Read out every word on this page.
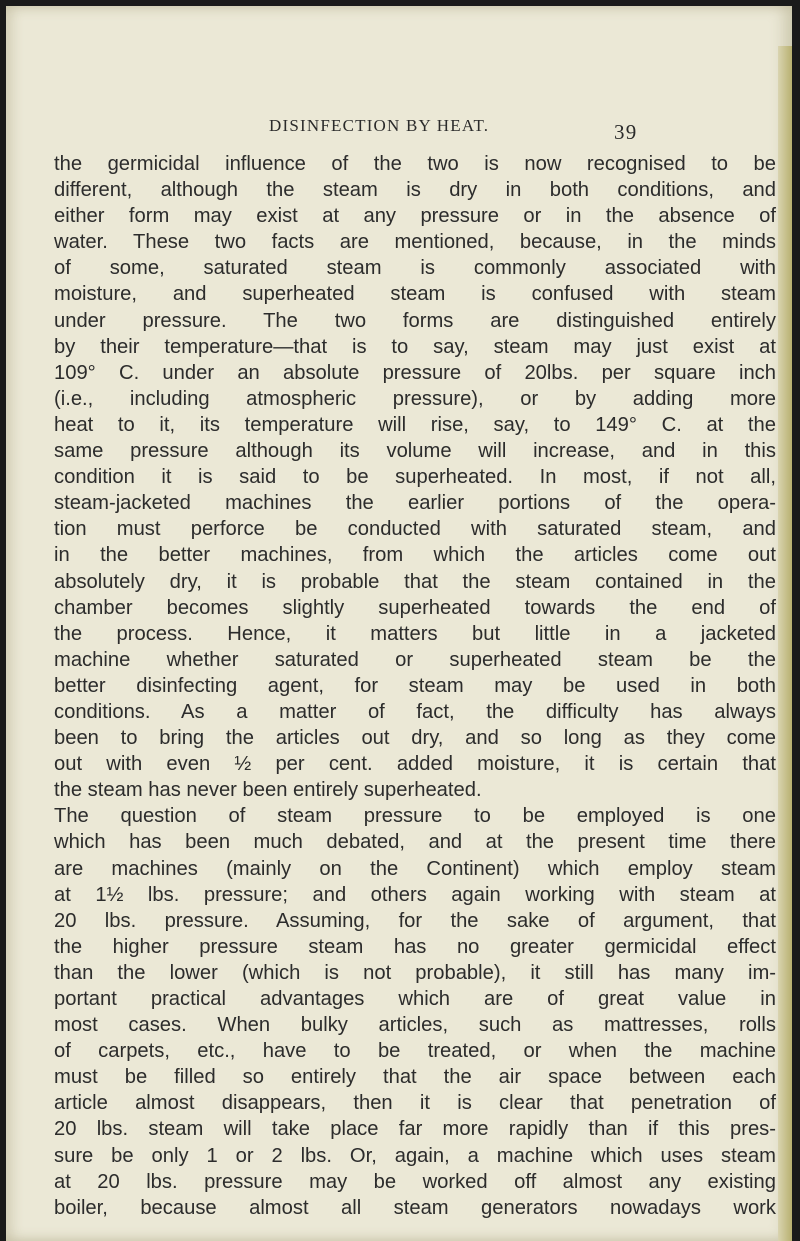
DISINFECTION BY HEAT.	39
the germicidal influence of the two is now recognised to be
different, although the steam is dry in both conditions, and
either form may exist at any pressure or in the absence of
water. These two facts are mentioned, because, in the minds
of some, saturated steam is commonly associated with
moisture, and superheated steam is confused with steam
under pressure. The two forms are distinguished entirely
by their temperature—that is to say, steam may just exist at
109° C. under an absolute pressure of 20lbs. per square inch
(i.e., including atmospheric pressure), or by adding more
heat to it, its temperature will rise, say, to 149° C. at the
same pressure although its volume will increase, and in this
condition it is said to be superheated. In most, if not all,
steam-jacketed machines the earlier portions of the opera-
tion must perforce be conducted with saturated steam, and
in the better machines, from which the articles come out
absolutely dry, it is probable that the steam contained in the
chamber becomes slightly superheated towards the end of
the process. Hence, it matters but little in a jacketed
machine whether saturated or superheated steam be the
better disinfecting agent, for steam may be used in both
conditions. As a matter of fact, the difficulty has always
been to bring the articles out dry, and so long as they come
out with even ½ per cent. added moisture, it is certain that
the steam has never been entirely superheated.
The question of steam pressure to be employed is one
which has been much debated, and at the present time there
are machines (mainly on the Continent) which employ steam
at 1½ lbs. pressure; and others again working with steam at
20 lbs. pressure. Assuming, for the sake of argument, that
the higher pressure steam has no greater germicidal effect
than the lower (which is not probable), it still has many im-
portant practical advantages which are of great value in
most cases. When bulky articles, such as mattresses, rolls
of carpets, etc., have to be treated, or when the machine
must be filled so entirely that the air space between each
article almost disappears, then it is clear that penetration of
20 lbs. steam will take place far more rapidly than if this pres-
sure be only 1 or 2 lbs. Or, again, a machine which uses steam
at 20 lbs. pressure may be worked off almost any existing
boiler, because almost all steam generators nowadays work
